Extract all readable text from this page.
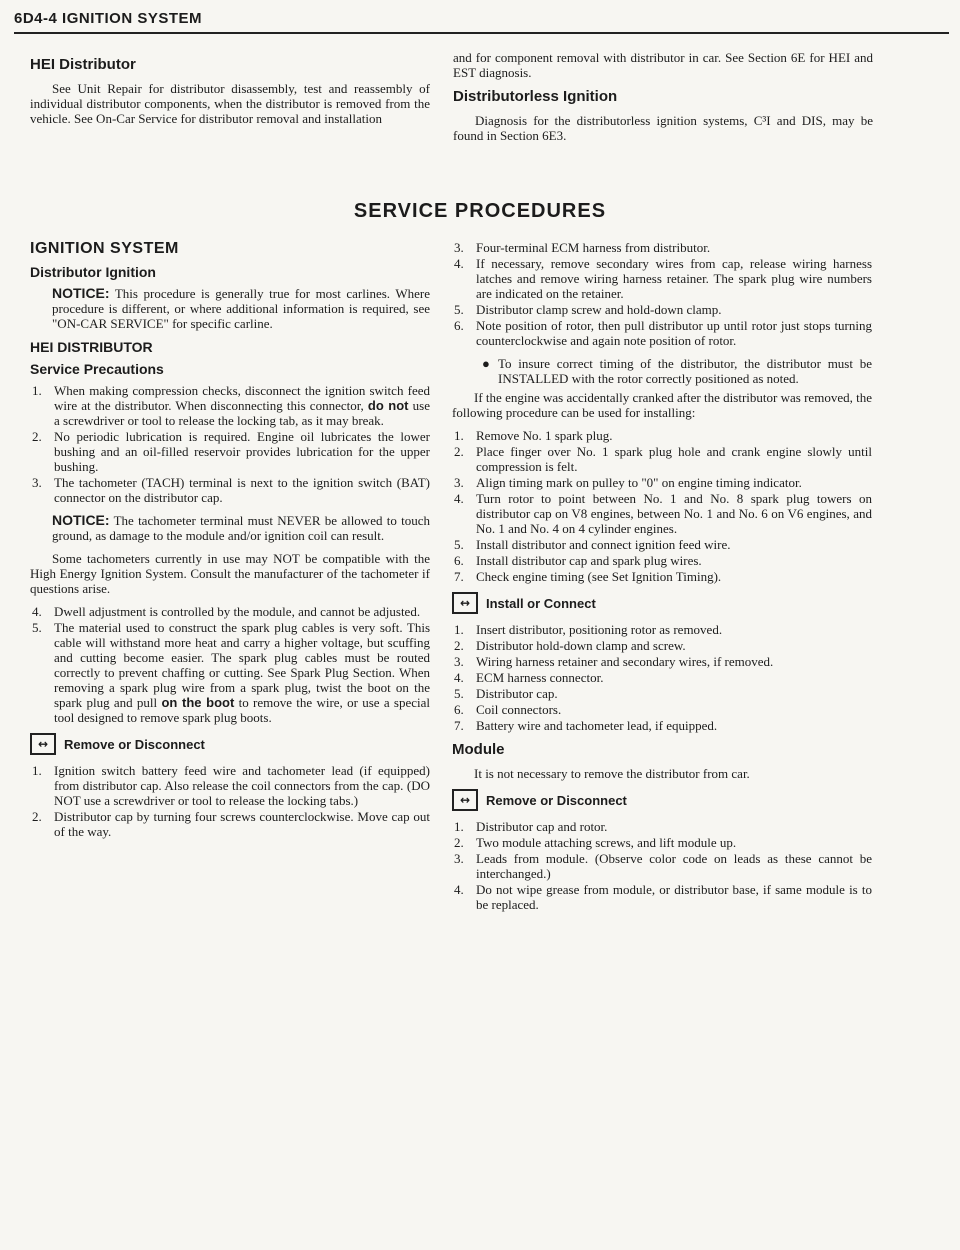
6D4-4 IGNITION SYSTEM
HEI Distributor

See Unit Repair for distributor disassembly, test and reassembly of individual distributor components, when the distributor is removed from the vehicle. See On-Car Service for distributor removal and installation

and for component removal with distributor in car. See Section 6E for HEI and EST diagnosis.

Distributorless Ignition

Diagnosis for the distributorless ignition systems, C³I and DIS, may be found in Section 6E3.

SERVICE PROCEDURES
IGNITION SYSTEM
Distributor Ignition
NOTICE: This procedure is generally true for most carlines. Where procedure is different, or where additional information is required, see "ON-CAR SERVICE" for specific carline.
HEI DISTRIBUTOR
Service Precautions
1. When making compression checks, disconnect the ignition switch feed wire at the distributor. When disconnecting this connector, do not use a screwdriver or tool to release the locking tab, as it may break.
2. No periodic lubrication is required. Engine oil lubricates the lower bushing and an oil-filled reservoir provides lubrication for the upper bushing.
3. The tachometer (TACH) terminal is next to the ignition switch (BAT) connector on the distributor cap.
NOTICE: The tachometer terminal must NEVER be allowed to touch ground, as damage to the module and/or ignition coil can result.

Some tachometers currently in use may NOT be compatible with the High Energy Ignition System. Consult the manufacturer of the tachometer if questions arise.

4. Dwell adjustment is controlled by the module, and cannot be adjusted.
5. The material used to construct the spark plug cables is very soft. This cable will withstand more heat and carry a higher voltage, but scuffing and cutting become easier. The spark plug cables must be routed correctly to prevent chaffing or cutting. See Spark Plug Section. When removing a spark plug wire from a spark plug, twist the boot on the spark plug and pull on the boot to remove the wire, or use a special tool designed to remove spark plug boots.
↔	Remove or Disconnect
1. Ignition switch battery feed wire and tachometer lead (if equipped) from distributor cap. Also release the coil connectors from the cap. (DO NOT use a screwdriver or tool to release the locking tabs.)
2. Distributor cap by turning four screws counterclockwise. Move cap out of the way.
3. Four-terminal ECM harness from distributor.
4. If necessary, remove secondary wires from cap, release wiring harness latches and remove wiring harness retainer. The spark plug wire numbers are indicated on the retainer.
5. Distributor clamp screw and hold-down clamp.
6. Note position of rotor, then pull distributor up until rotor just stops turning counterclockwise and again note position of rotor.
● To insure correct timing of the distributor, the distributor must be INSTALLED with the rotor correctly positioned as noted.

If the engine was accidentally cranked after the distributor was removed, the following procedure can be used for installing:

1. Remove No. 1 spark plug.
2. Place finger over No. 1 spark plug hole and crank engine slowly until compression is felt.
3. Align timing mark on pulley to "0" on engine timing indicator.
4. Turn rotor to point between No. 1 and No. 8 spark plug towers on distributor cap on V8 engines, between No. 1 and No. 6 on V6 engines, and No. 1 and No. 4 on 4 cylinder engines.
5. Install distributor and connect ignition feed wire.
6. Install distributor cap and spark plug wires.
7. Check engine timing (see Set Ignition Timing).
↔	Install or Connect
1. Insert distributor, positioning rotor as removed.
2. Distributor hold-down clamp and screw.
3. Wiring harness retainer and secondary wires, if removed.
4. ECM harness connector.
5. Distributor cap.
6. Coil connectors.
7. Battery wire and tachometer lead, if equipped.
Module

It is not necessary to remove the distributor from car.

↔	Remove or Disconnect
1. Distributor cap and rotor.
2. Two module attaching screws, and lift module up.
3. Leads from module. (Observe color code on leads as these cannot be interchanged.)
4. Do not wipe grease from module, or distributor base, if same module is to be replaced.
